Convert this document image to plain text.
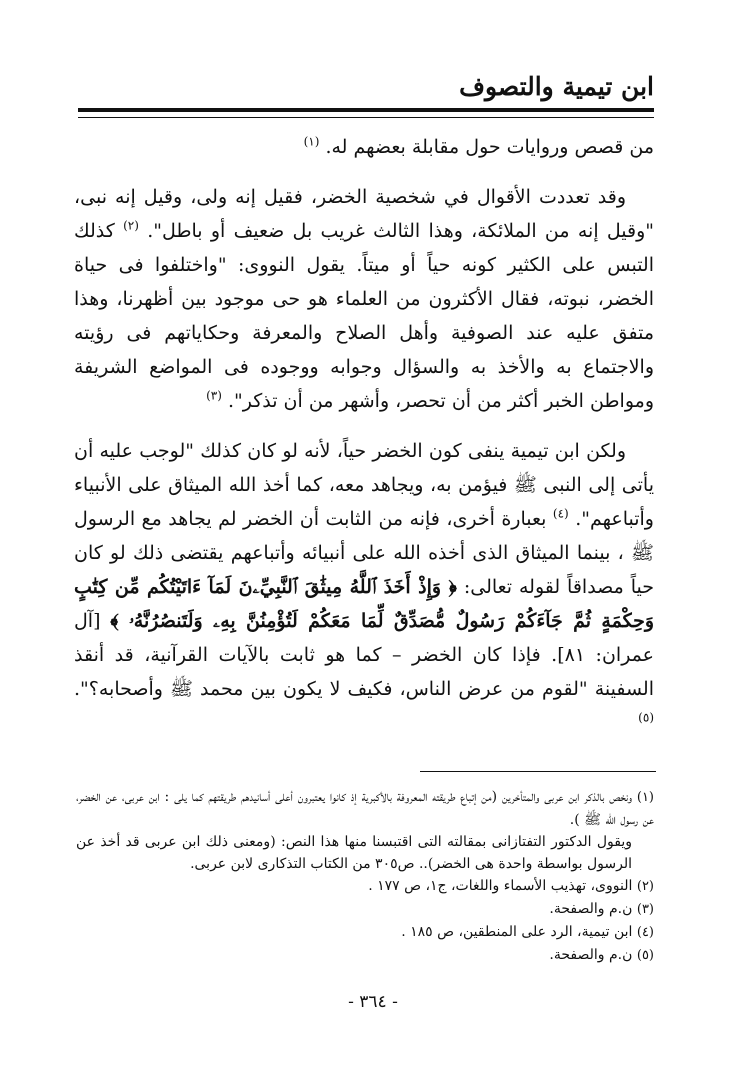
ابن تيمية والتصوف

من قصص وروايات حول مقابلة بعضهم له. $^{(١)}$

وقد تعددت الأقوال في شخصية الخضر، فقيل إنه ولى، وقيل إنه نبى، "وقيل إنه من الملائكة، وهذا الثالث غريب بل ضعيف أو باطل". $^{(٢)}$ كذلك التبس على الكثير كونه حياً أو ميتاً. يقول النووى: "واختلفوا فى حياة الخضر، نبوته، فقال الأكثرون من العلماء هو حى موجود بين أظهرنا، وهذا متفق عليه عند الصوفية وأهل الصلاح والمعرفة وحكاياتهم فى رؤيته والاجتماع به والأخذ به والسؤال وجوابه ووجوده فى المواضع الشريفة ومواطن الخبر أكثر من أن تحصر، وأشهر من أن تذكر". $^{(٣)}$

ولكن ابن تيمية ينفى كون الخضر حياً، لأنه لو كان كذلك "لوجب عليه أن يأتى إلى النبى ﷺ فيؤمن به، ويجاهد معه، كما أخذ الله الميثاق على الأنبياء وأتباعهم". $^{(٤)}$ بعبارة أخرى، فإنه من الثابت أن الخضر لم يجاهد مع الرسول ﷺ ، بينما الميثاق الذى أخذه الله على أنبيائه وأتباعهم يقتضى ذلك لو كان حياً مصداقاً لقوله تعالى: ﴿ وَإِذْ أَخَذَ ٱللَّهُ مِيثَٰقَ ٱلنَّبِيِّۦنَ لَمَآ ءَاتَيْتُكُم مِّن كِتَٰبٍ وَحِكْمَةٍ ثُمَّ جَآءَكُمْ رَسُولٌ مُّصَدِّقٌ لِّمَا مَعَكُمْ لَتُؤْمِنُنَّ بِهِۦ وَلَتَنصُرُنَّهُۥ ﴾ [آل عمران: ٨١]. فإذا كان الخضر – كما هو ثابت بالآيات القرآنية، قد أنقذ السفينة "لقوم من عرض الناس، فكيف لا يكون بين محمد ﷺ وأصحابه؟". $^{(٥)}$

(١) ونخص بالذكر ابن عربى والمتأخرين (من إتباع طريقته المعروفة بالأكبرية إذ كانوا يعتبرون أعلى أسانيدهم طريقتهم كما يلى : ابن عربى، عن الخضر، عن رسول الله ﷺ ).

ويقول الدكتور التفتازانى بمقالته التى اقتبسنا منها هذا النص: (ومعنى ذلك ابن عربى قد أخذ عن الرسول بواسطة واحدة هى الخضر).. ص٣٠٥ من الكتاب التذكارى لابن عربى.

(٢) النووى، تهذيب الأسماء واللغات، ج١، ص ١٧٧ .

(٣) ن.م والصفحة.

(٤) ابن تيمية، الرد على المنطقين، ص ١٨٥ .

(٥) ن.م والصفحة.

- ٣٦٤ -
